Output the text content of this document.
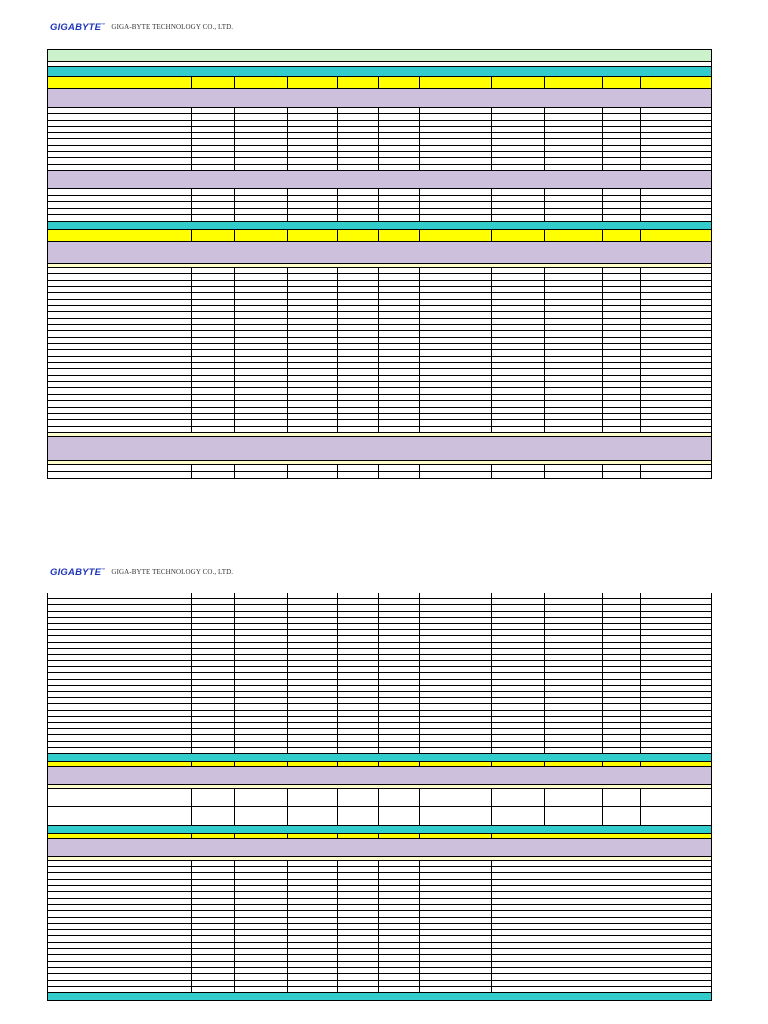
GIGABYTE™ GIGA-BYTE TECHNOLOGY CO., LTD.
GIGABYTE™ GIGA-BYTE TECHNOLOGY CO., LTD.
